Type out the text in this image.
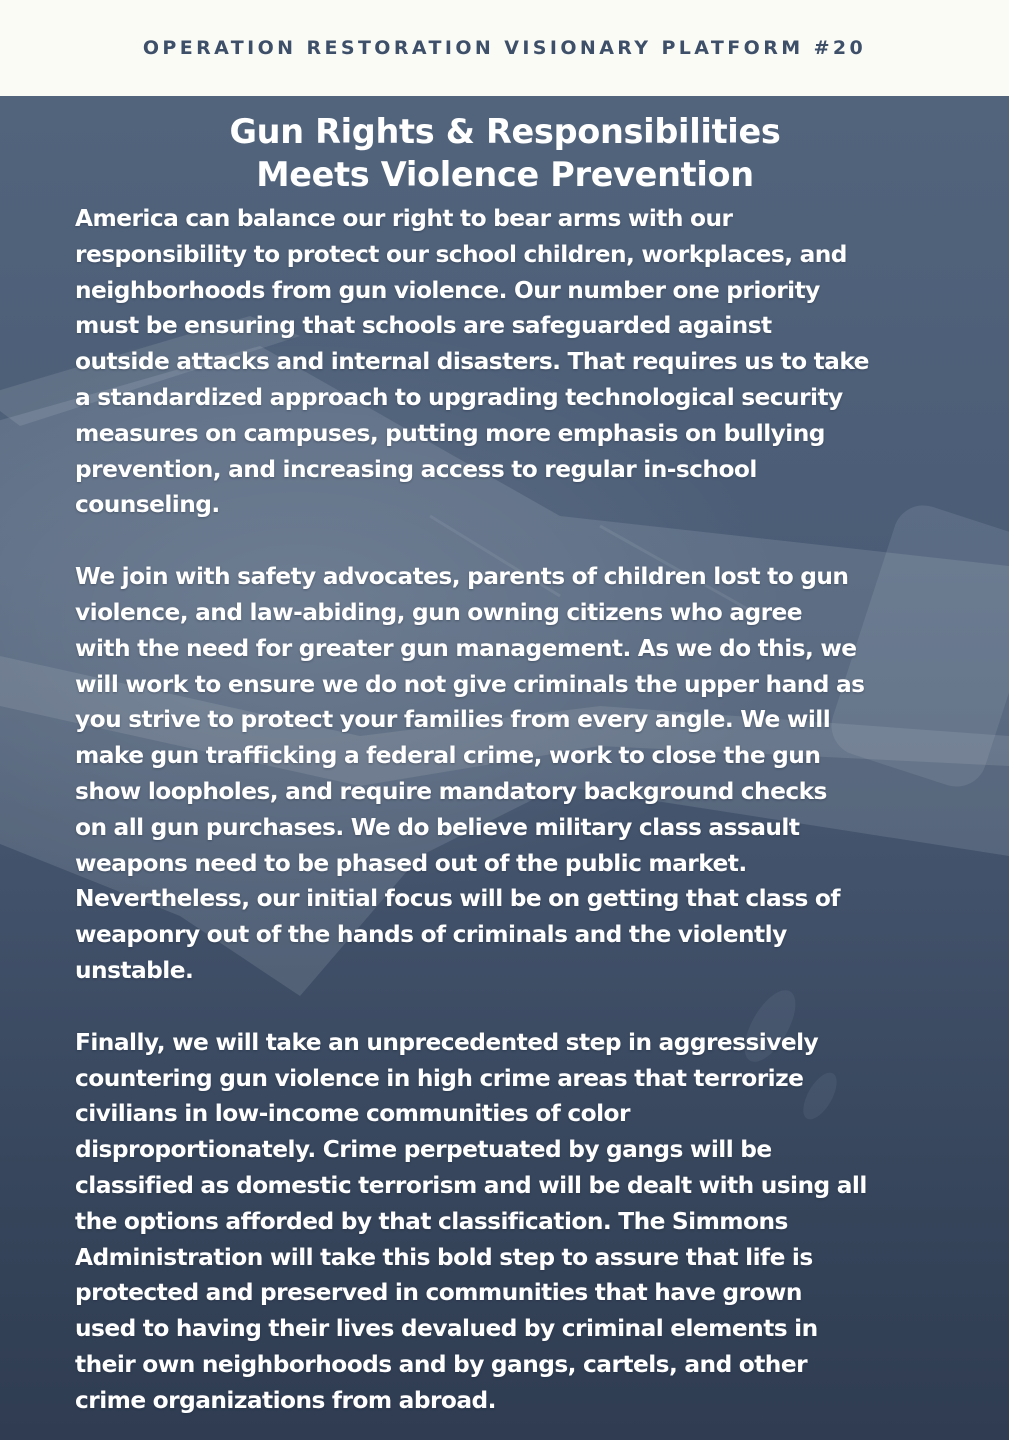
OPERATION RESTORATION VISIONARY PLATFORM #20
Gun Rights & Responsibilities
Meets Violence Prevention
America can balance our right to bear arms with our
responsibility to protect our school children, workplaces, and
neighborhoods from gun violence. Our number one priority
must be ensuring that schools are safeguarded against
outside attacks and internal disasters. That requires us to take
a standardized approach to upgrading technological security
measures on campuses, putting more emphasis on bullying
prevention, and increasing access to regular in-school
counseling.
We join with safety advocates, parents of children lost to gun
violence, and law-abiding, gun owning citizens who agree
with the need for greater gun management. As we do this, we
will work to ensure we do not give criminals the upper hand as
you strive to protect your families from every angle. We will
make gun trafficking a federal crime, work to close the gun
show loopholes, and require mandatory background checks
on all gun purchases. We do believe military class assault
weapons need to be phased out of the public market.
Nevertheless, our initial focus will be on getting that class of
weaponry out of the hands of criminals and the violently
unstable.
Finally, we will take an unprecedented step in aggressively
countering gun violence in high crime areas that terrorize
civilians in low-income communities of color
disproportionately. Crime perpetuated by gangs will be
classified as domestic terrorism and will be dealt with using all
the options afforded by that classification. The Simmons
Administration will take this bold step to assure that life is
protected and preserved in communities that have grown
used to having their lives devalued by criminal elements in
their own neighborhoods and by gangs, cartels, and other
crime organizations from abroad.
